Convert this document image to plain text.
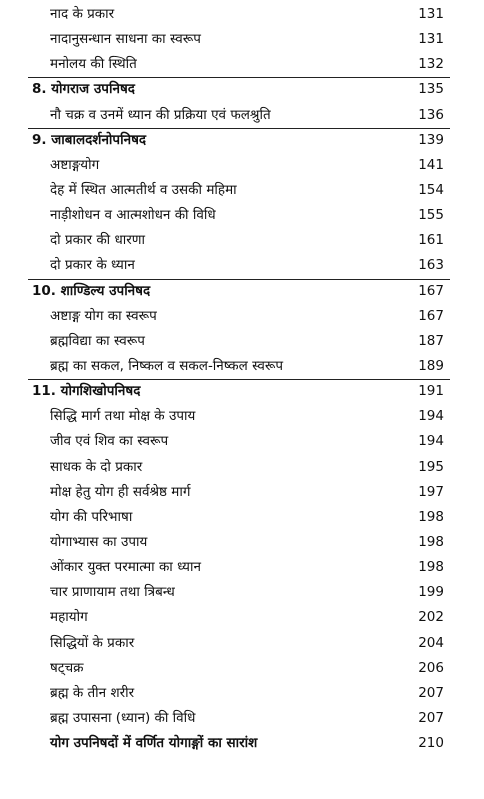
नाद के प्रकार	131
नादानुसन्धान साधना का स्वरूप	131
मनोलय की स्थिति	132
8. योगराज उपनिषद	135
नौ चक्र व उनमें ध्यान की प्रक्रिया एवं फलश्रुति	136
9. जाबालदर्शनोपनिषद	139
अष्टाङ्गयोग	141
देह में स्थित आत्मतीर्थ व उसकी महिमा	154
नाड़ीशोधन व आत्मशोधन की विधि	155
दो प्रकार की धारणा	161
दो प्रकार के ध्यान	163
10. शाण्डिल्य उपनिषद	167
अष्टाङ्ग योग का स्वरूप	167
ब्रह्मविद्या का स्वरूप	187
ब्रह्म का सकल, निष्कल व सकल-निष्कल स्वरूप	189
11. योगशिखोपनिषद	191
सिद्धि मार्ग तथा मोक्ष के उपाय	194
जीव एवं शिव का स्वरूप	194
साधक के दो प्रकार	195
मोक्ष हेतु योग ही सर्वश्रेष्ठ मार्ग	197
योग की परिभाषा	198
योगाभ्यास का उपाय	198
ओंकार युक्त परमात्मा का ध्यान	198
चार प्राणायाम तथा त्रिबन्ध	199
महायोग	202
सिद्धियों के प्रकार	204
षट्चक्र	206
ब्रह्म के तीन शरीर	207
ब्रह्म उपासना (ध्यान) की विधि	207
योग उपनिषदों में वर्णित योगाङ्गों का सारांश	210
